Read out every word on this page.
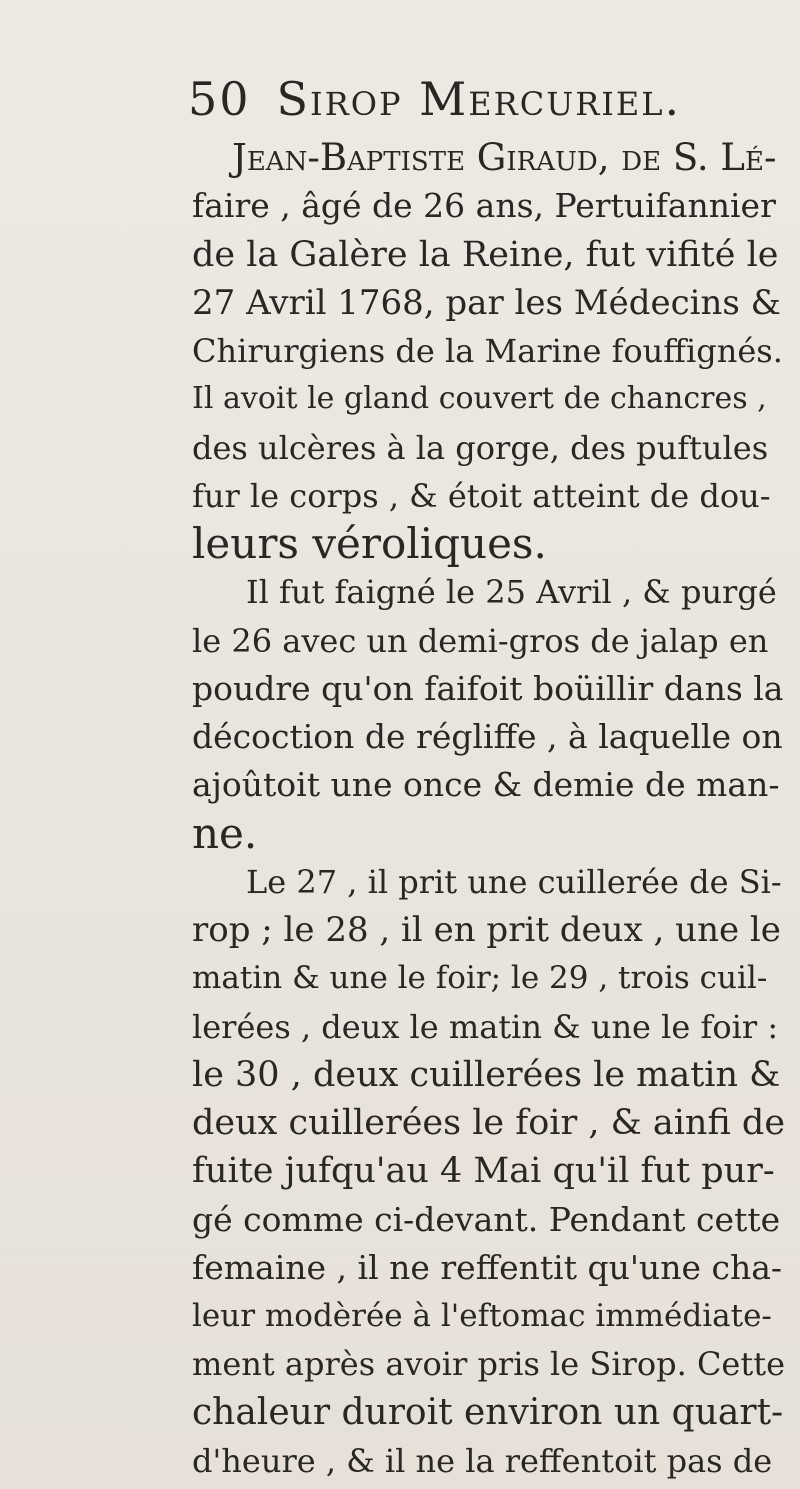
50 Sirop Mercuriel.
Jean-Baptiste Giraud, de S. Lé-
faire , âgé de 26 ans, Pertuifannier
de la Galère la Reine, fut vifité le
27 Avril 1768, par les Médecins &
Chirurgiens de la Marine fouffignés.
Il avoit le gland couvert de chancres ,
des ulcères à la gorge, des puftules
fur le corps , & étoit atteint de dou-
leurs véroliques.
Il fut faigné le 25 Avril , & purgé
le 26 avec un demi-gros de jalap en
poudre qu'on faifoit boüillir dans la
décoction de régliffe , à laquelle on
ajoûtoit une once & demie de man-
ne.
Le 27 , il prit une cuillerée de Si-
rop ; le 28 , il en prit deux , une le
matin & une le foir; le 29 , trois cuil-
lerées , deux le matin & une le foir :
le 30 , deux cuillerées le matin &
deux cuillerées le foir , & ainfi de
fuite jufqu'au 4 Mai qu'il fut pur-
gé comme ci-devant. Pendant cette
femaine , il ne reffentit qu'une cha-
leur modèrée à l'eftomac immédiate-
ment après avoir pris le Sirop. Cette
chaleur duroit environ un quart-
d'heure , & il ne la reffentoit pas de
